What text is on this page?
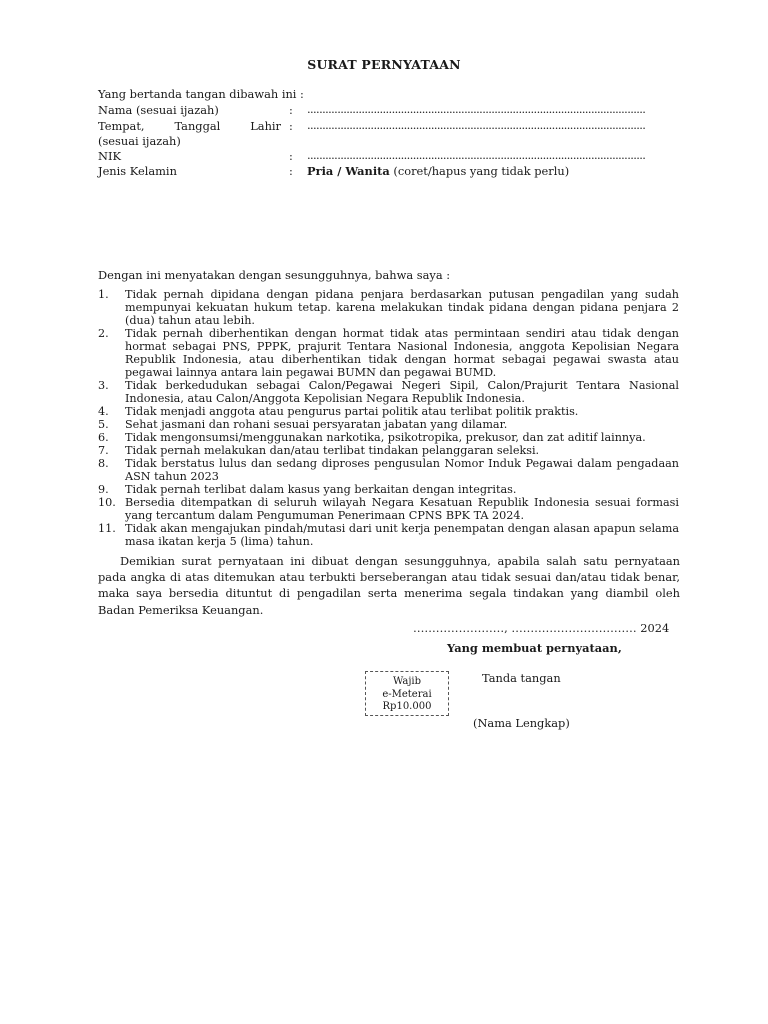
SURAT PERNYATAAN
Yang bertanda tangan dibawah ini :
Nama (sesuai ijazah)	: ................................................................................................................
Tempat,	Tanggal	Lahir : ................................................................................................................
(sesuai ijazah)
NIK	: ................................................................................................................
Jenis Kelamin	: Pria / Wanita (coret/hapus yang tidak perlu)
Dengan ini menyatakan dengan sesungguhnya, bahwa saya :
1. Tidak pernah dipidana dengan pidana penjara berdasarkan putusan pengadilan yang sudah mempunyai kekuatan hukum tetap. karena melakukan tindak pidana dengan pidana penjara 2 (dua) tahun atau lebih.
2. Tidak pernah diberhentikan dengan hormat tidak atas permintaan sendiri atau tidak dengan hormat sebagai PNS, PPPK, prajurit Tentara Nasional Indonesia, anggota Kepolisian Negara Republik Indonesia, atau diberhentikan tidak dengan hormat sebagai pegawai swasta atau pegawai lainnya antara lain pegawai BUMN dan pegawai BUMD.
3. Tidak berkedudukan sebagai Calon/Pegawai Negeri Sipil, Calon/Prajurit Tentara Nasional Indonesia, atau Calon/Anggota Kepolisian Negara Republik Indonesia.
4. Tidak menjadi anggota atau pengurus partai politik atau terlibat politik praktis.
5. Sehat jasmani dan rohani sesuai persyaratan jabatan yang dilamar.
6. Tidak mengonsumsi/menggunakan narkotika, psikotropika, prekusor, dan zat aditif lainnya.
7. Tidak pernah melakukan dan/atau terlibat tindakan pelanggaran seleksi.
8. Tidak berstatus lulus dan sedang diproses pengusulan Nomor Induk Pegawai dalam pengadaan ASN tahun 2023
9. Tidak pernah terlibat dalam kasus yang berkaitan dengan integritas.
10. Bersedia ditempatkan di seluruh wilayah Negara Kesatuan Republik Indonesia sesuai formasi yang tercantum dalam Pengumuman Penerimaan CPNS BPK TA 2024.
11. Tidak akan mengajukan pindah/mutasi dari unit kerja penempatan dengan alasan apapun selama masa ikatan kerja 5 (lima) tahun.
Demikian surat pernyataan ini dibuat dengan sesungguhnya, apabila salah satu pernyataan pada angka di atas ditemukan atau terbukti berseberangan atau tidak sesuai dan/atau tidak benar, maka saya bersedia dituntut di pengadilan serta menerima segala tindakan yang diambil oleh Badan Pemeriksa Keuangan.
……………………, …………………………… 2024
Yang membuat pernyataan,
Wajib
e-Meterai
Rp10.000
Tanda tangan
(Nama Lengkap)
